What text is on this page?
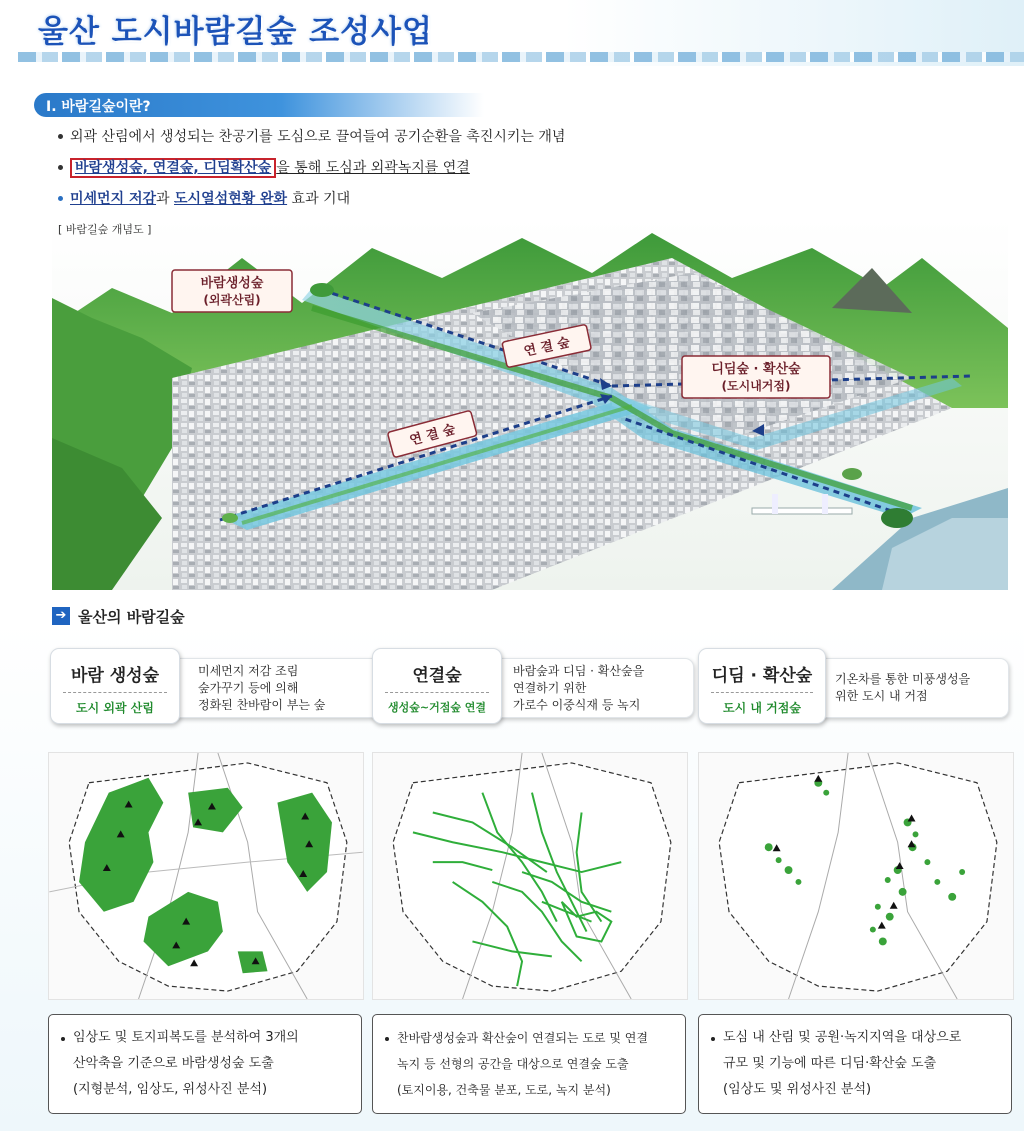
울산 도시바람길숲 조성사업
Ⅰ. 바람길숲이란?
외곽 산림에서 생성되는 찬공기를 도심으로 끌여들여 공기순환을 촉진시키는 개념
바람생성숲, 연결숲, 디딤확산숲 을 통해 도심과 외곽녹지를 연결
미세먼지 저감과 도시열섬현황 완화 효과 기대
바람생성숲
(외곽산림)
연 결 숲
연 결 숲
디딤숲 · 확산숲
(도시내거점)
[ 바람길숲 개념도 ]
➔ 울산의 바람길숲
미세먼지 저감 조림
숲가꾸기 등에 의해
정화된 찬바람이 부는 숲
바람 생성숲
도시 외곽 산림
바람숲과 디딤 · 확산숲을
연결하기 위한
가로수 이중식재 등 녹지
연결숲
생성숲~거점숲 연결
기온차를 통한 미풍생성을
위한 도시 내 거점
디딤 · 확산숲
도시 내 거점숲
임상도 및 토지피복도를 분석하여 3개의
산악축을 기준으로 바람생성숲 도출
(지형분석, 임상도, 위성사진 분석)
찬바람생성숲과 확산숲이 연결되는 도로 및 연결
녹지 등 선형의 공간을 대상으로 연결숲 도출
(토지이용, 건축물 분포, 도로, 녹지 분석)
도심 내 산림 및 공원·녹지지역을 대상으로
규모 및 기능에 따른 디딤·확산숲 도출
(임상도 및 위성사진 분석)
